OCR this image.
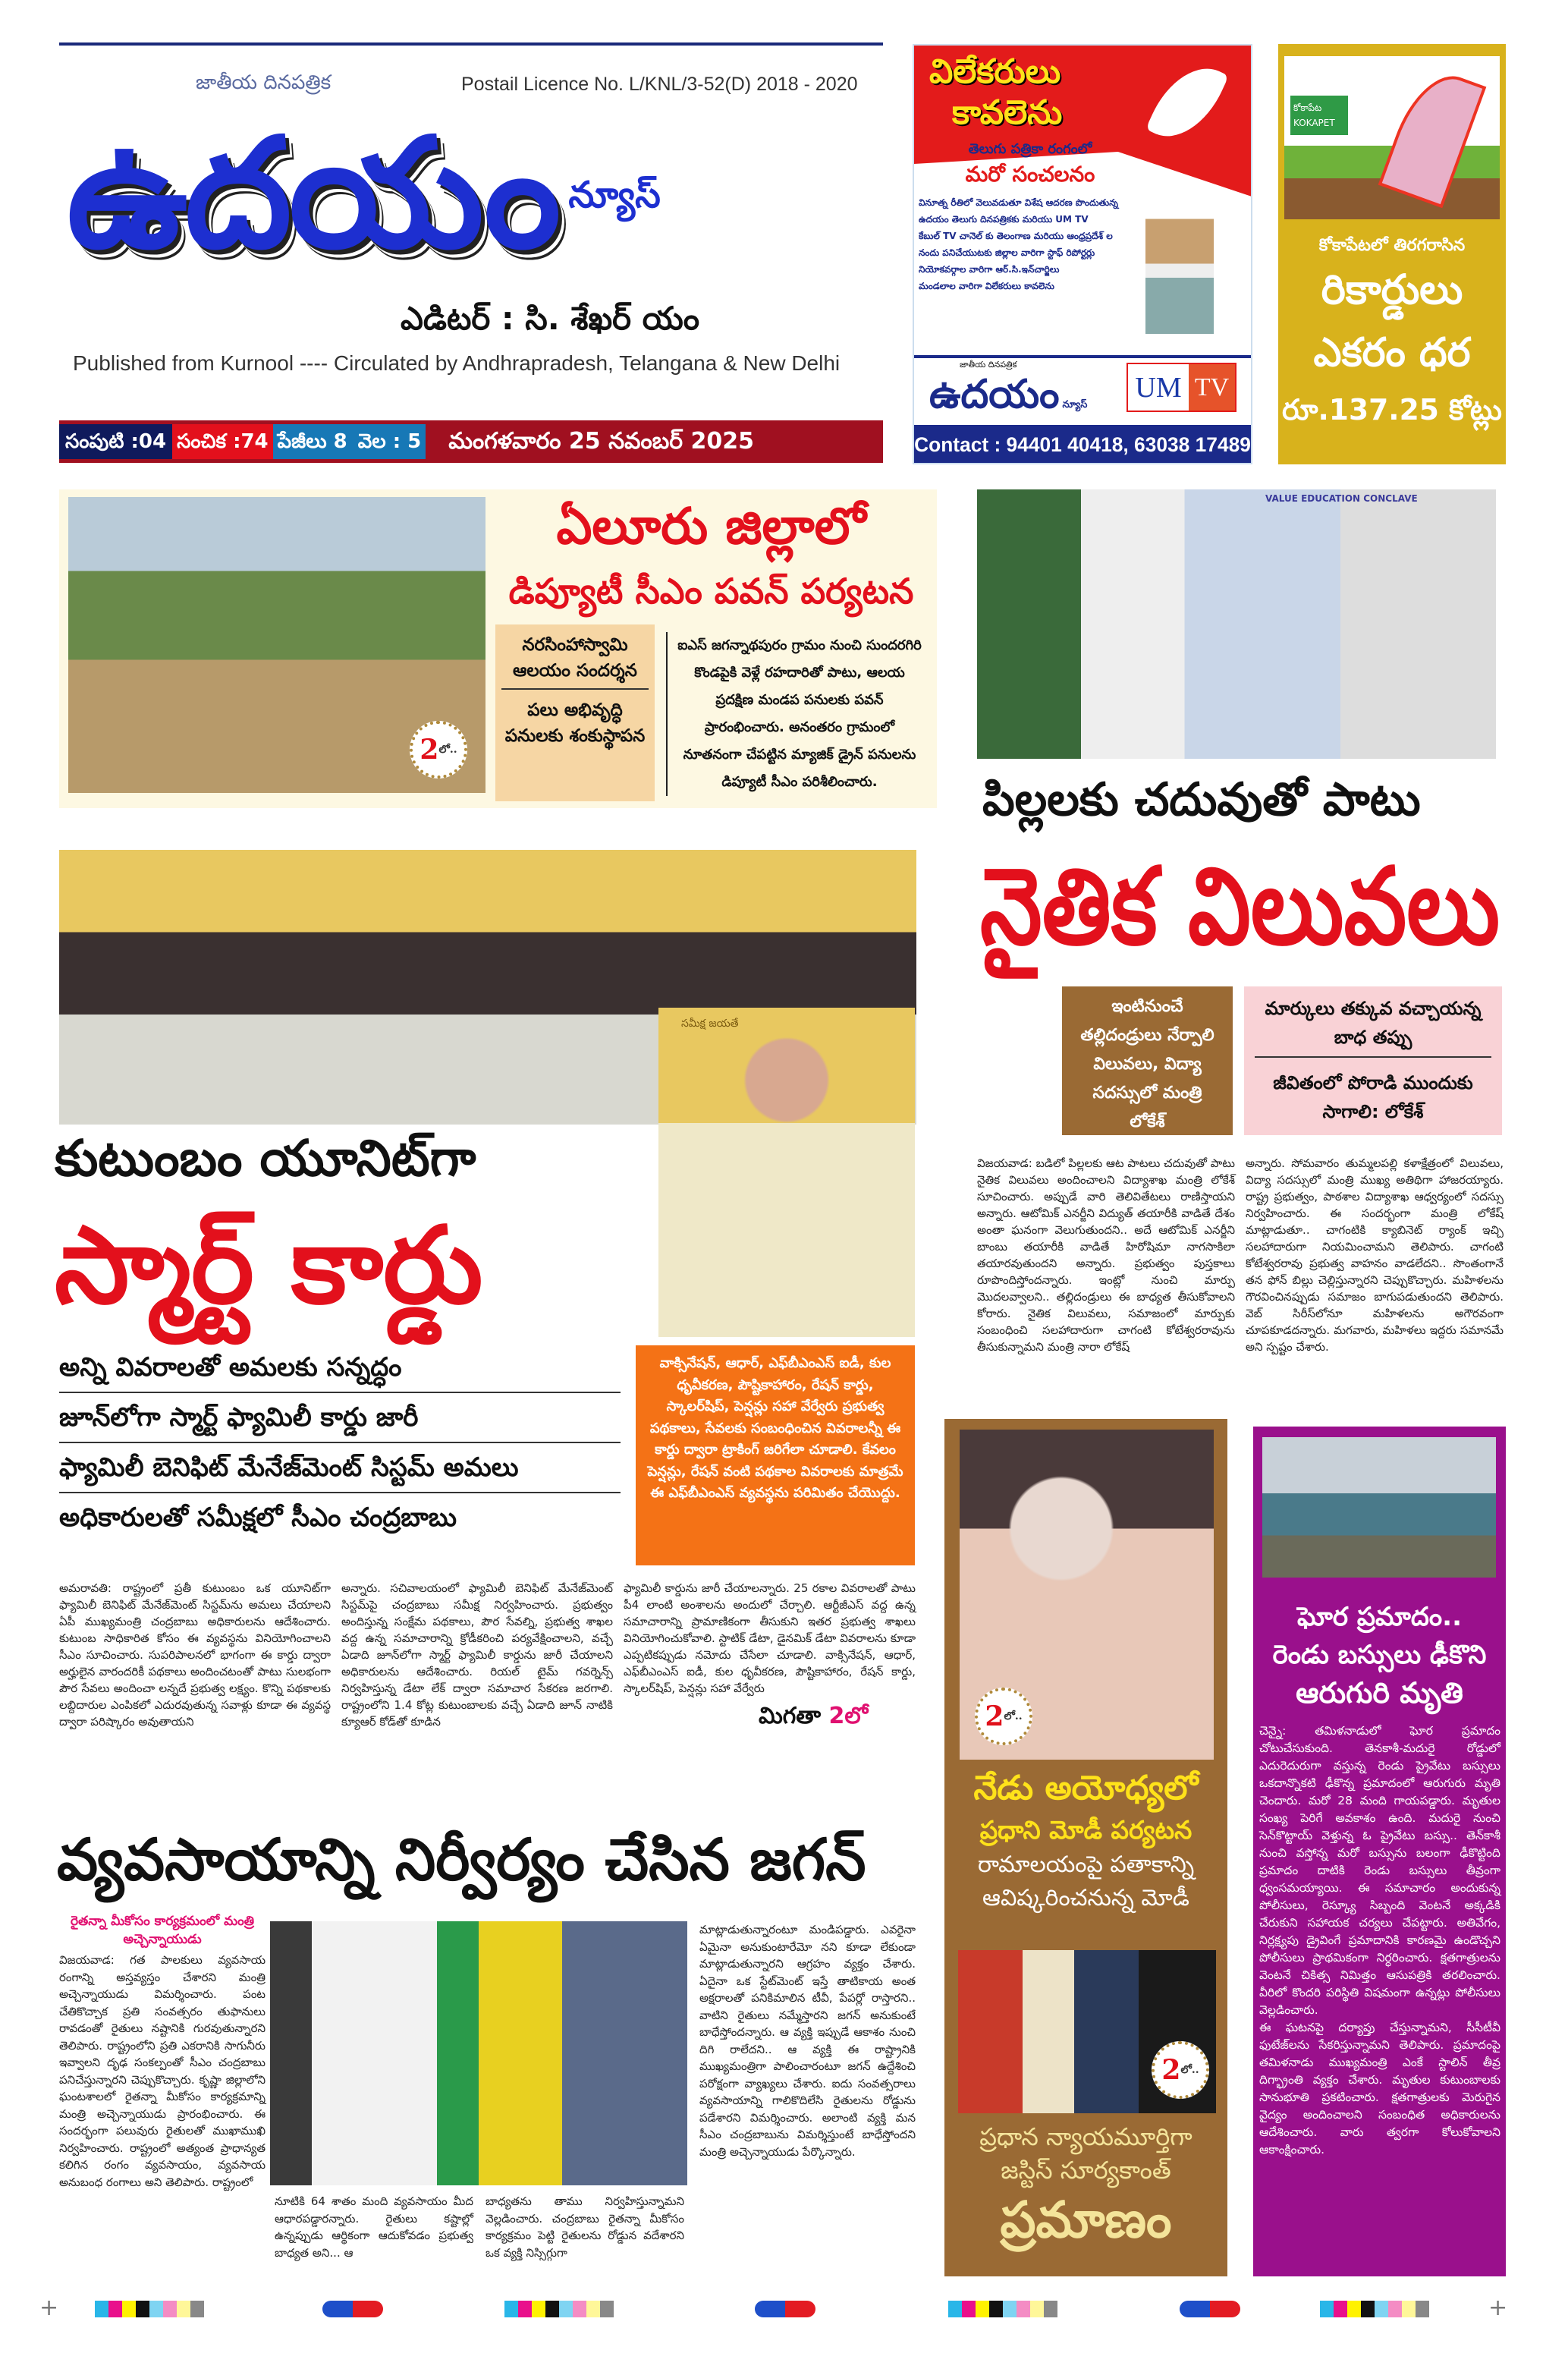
జాతీయ దినపత్రిక	Postail Licence No. L/KNL/3-52(D) 2018 - 2020
ఉదయం న్యూస్
ఎడిటర్ : సి. శేఖర్ యం
Published from Kurnool ---- Circulated by Andhrapradesh, Telangana & New Delhi
సంపుటి :04 సంచిక :74 పేజీలు 8 వెల : 5 మంగళవారం 25 నవంబర్ 2025
విలేకరులు
కావలెను
తెలుగు పత్రికా రంగంలో
మరో సంచలనం
వినూత్న రీతిలో వెలువడుతూ విశేష ఆదరణ పొందుతున్న
ఉదయం తెలుగు దినపత్రికకు మరియు UM TV
కేబుల్ TV చానెల్ కు తెలంగాణ మరియు ఆంధ్రప్రదేశ్ ల
నందు పనిచేయుటకు జిల్లాల వారిగా స్టాఫ్ రిపోర్టర్లు
నియోకవర్గాల వారిగా ఆర్.సి.ఇన్‌చార్జిలు
మండలాల వారిగా విలేకరులు కావలెను
జాతీయ దినపత్రిక
ఉదయం న్యూస్
UM TV
Contact : 94401 40418, 63038 17489
కోకాపేట
KOKAPET
కోకాపేటలో తిరగరాసిన
రికార్డులు
ఎకరం ధర
రూ.137.25 కోట్లు
2 లో..
ఏలూరు జిల్లాలో
డిప్యూటీ సీఎం పవన్ పర్యటన
నరసింహాస్వామి ఆలయం సందర్శన
పలు అభివృద్ధి పనులకు శంకుస్థాపన
ఐఎస్ జగన్నాథపురం గ్రామం నుంచి సుందరగిరి కొండపైకి వెళ్లే రహదారితో పాటు, ఆలయ ప్రదక్షిణ మండప పనులకు పవన్ ప్రారంభించారు. అనంతరం గ్రామంలో నూతనంగా చేపట్టిన మ్యాజిక్ డ్రైన్ పనులను డిప్యూటీ సీఎం పరిశీలించారు.
VALUE EDUCATION CONCLAVE
పిల్లలకు చదువుతో పాటు
నైతిక విలువలు
ఇంటినుంచే తల్లిదండ్రులు నేర్పాలి విలువలు, విద్యా సదస్సులో మంత్రి లోకేశ్
మార్కులు తక్కువ వచ్చాయన్న బాధ తప్పు
జీవితంలో పోరాడి ముందుకు సాగాలి: లోకేశ్
విజయవాడ: బడిలో పిల్లలకు ఆట పాటలు చదువుతో పాటు నైతిక విలువలు అందించాలని విద్యాశాఖ మంత్రి లోకేశ్ సూచించారు. అప్పుడే వారి తెలివితేటలు రాణిస్తాయని అన్నారు. ఆటోమిక్ ఎనర్జీని విద్యుత్ తయారీకి వాడితే దేశం అంతా ఘనంగా వెలుగుతుందని.. అదే ఆటోమిక్ ఎనర్జీని బాంబు తయారీకి వాడితే హిరోషిమా నాగసాకిలా తయారవుతుందని అన్నారు. ప్రభుత్వం పుస్తకాలు రూపొందిస్తోందన్నారు. ఇంట్లో నుంచి మార్పు మొదలవ్వాలని.. తల్లిదండ్రులు ఈ బాధ్యత తీసుకోవాలని కోరారు. నైతిక విలువలు, సమాజంలో మార్పుకు సంబంధించి సలహాదారుగా చాగంటి కోటేశ్వరరావును తీసుకున్నామని మంత్రి నారా లోకేష్
అన్నారు. సోమవారం తుమ్మలపల్లి కళాక్షేత్రంలో విలువలు, విద్యా సదస్సులో మంత్రి ముఖ్య అతిథిగా హాజరయ్యారు. రాష్ట్ర ప్రభుత్వం, పాఠశాల విద్యాశాఖ ఆధ్వర్యంలో సదస్సు నిర్వహించారు. ఈ సందర్భంగా మంత్రి లోకేష్ మాట్లాడుతూ.. చాగంటికి క్యాబినెట్ ర్యాంక్ ఇచ్చి సలహాదారుగా నియమించామని తెలిపారు. చాగంటి కోటేశ్వరరావు ప్రభుత్వ వాహనం వాడలేదని.. సొంతంగానే తన ఫోన్ బిల్లు చెల్లిస్తున్నారని చెప్పుకొచ్చారు. మహిళలను గౌరవించినప్పుడు సమాజం బాగుపడుతుందని తెలిపారు. వెబ్ సిరీస్‌లోనూ మహిళలను అగౌరవంగా చూపకూడదన్నారు. మగవారు, మహిళలు ఇద్దరు సమానమే అని స్పష్టం చేశారు.
సమీక్ష జయతే
కుటుంబం యూనిట్‌గా
స్మార్ట్ కార్డు
అన్ని వివరాలతో అమలకు సన్నద్ధం
జూన్‌లోగా స్మార్ట్ ఫ్యామిలీ కార్డు జారీ
ఫ్యామిలీ బెనిఫిట్ మేనేజ్‌మెంట్ సిస్టమ్ అమలు
అధికారులతో సమీక్షలో సీఎం చంద్రబాబు
వాక్సినేషన్, ఆధార్, ఎఫ్‌బీఎంఎస్ ఐడీ, కుల ధృవీకరణ, పౌష్టికాహారం, రేషన్ కార్డు, స్కాలర్‌షిప్, పెన్షన్లు సహా వేర్వేరు ప్రభుత్వ పథకాలు, సేవలకు సంబంధించిన వివరాలన్నీ ఈ కార్డు ద్వారా ట్రాకింగ్ జరిగేలా చూడాలి. కేవలం పెన్షన్లు, రేషన్ వంటి పథకాల వివరాలకు మాత్రమే ఈ ఎఫ్‌బీఎంఎస్ వ్యవస్థను పరిమితం చేయొద్దు.
అమరావతి: రాష్ట్రంలో ప్రతీ కుటుంబం ఒక యూనిట్‌గా ఫ్యామిలీ బెనిఫిట్ మేనేజ్‌మెంట్ సిస్టమ్‌ను అమలు చేయాలని ఏపీ ముఖ్యమంత్రి చంద్రబాబు అధికారులను ఆదేశించారు. కుటుంబ సాధికారిత కోసం ఈ వ్యవస్థను వినియోగించాలని సీఎం సూచించారు. సుపరిపాలనలో భాగంగా ఈ కార్డు ద్వారా అర్హులైన వారందరికీ పథకాలు అందించటంతో పాటు సులభంగా పౌర సేవలు అందించా లన్నదే ప్రభుత్వ లక్ష్యం. కొన్ని పథకాలకు లబ్దిదారుల ఎంపికలో ఎదురవుతున్న సవాళ్లు కూడా ఈ వ్యవస్థ ద్వారా పరిష్కారం అవుతాయని
అన్నారు. సచివాలయంలో ఫ్యామిలీ బెనిఫిట్ మేనేజ్‌మెంట్ సిస్టమ్‌పై చంద్రబాబు సమీక్ష నిర్వహించారు. ప్రభుత్వం అందిస్తున్న సంక్షేమ పథకాలు, పౌర సేవల్ని, ప్రభుత్వ శాఖల వద్ద ఉన్న సమాచారాన్ని క్రోడీకరించి పర్యవేక్షించాలని, వచ్చే ఏడాది జూన్‌లోగా స్మార్ట్ ఫ్యామిలీ కార్డును జారీ చేయాలని అధికారులను ఆదేశించారు. రియల్ టైమ్ గవర్నెన్స్ నిర్వహిస్తున్న డేటా లేక్ ద్వారా సమాచార సేకరణ జరగాలి. రాష్ట్రంలోని 1.4 కోట్ల కుటుంబాలకు వచ్చే ఏడాది జూన్ నాటికి క్యూఆర్ కోడ్‌తో కూడిన
ఫ్యామిలీ కార్డును జారీ చేయాలన్నారు. 25 రకాల వివరాలతో పాటు పీ4 లాంటి అంశాలను అందులో చేర్చాలి. ఆర్టీజీఎస్ వద్ద ఉన్న సమాచారాన్ని ప్రామాణికంగా తీసుకుని ఇతర ప్రభుత్వ శాఖలు వినియోగించుకోవాలి. స్టాటిక్ డేటా, డైనమిక్ డేటా వివరాలను కూడా ఎప్పటికప్పుడు నమోదు చేసేలా చూడాలి. వాక్సినేషన్, ఆధార్, ఎఫ్‌బీఎంఎస్ ఐడీ, కుల ధృవీకరణ, పౌష్టికాహారం, రేషన్ కార్డు, స్కాలర్‌షిప్, పెన్షన్లు సహా వేర్వేరు
మిగతా 2లో	2 లో..
నేడు అయోధ్యలో
ప్రధాని మోడీ పర్యటన
రామాలయంపై పతాకాన్ని ఆవిష్కరించనున్న మోడీ
2 లో..
ప్రధాన న్యాయమూర్తిగా
జస్టిస్ సూర్యకాంత్
ప్రమాణం
ఘోర ప్రమాదం..
రెండు బస్సులు ఢీకొని
ఆరుగురి మృతి

చెన్నై: తమిళనాడులో ఘోర ప్రమాదం చోటుచేసుకుంది. తెనకాశీ-మదురై రోడ్డులో ఎదురెదురుగా వస్తున్న రెండు ప్రైవేటు బస్సులు ఒకదాన్నొకటి ఢీకొన్న ప్రమాదంలో ఆరుగురు మృతి చెందారు. మరో 28 మంది గాయపడ్డారు. మృతుల సంఖ్య పెరిగే అవకాశం ఉంది. మదురై నుంచి సెన్‌కొట్టాయ్ వెళ్తున్న ఓ ప్రైవేటు బస్సు.. తెన్‌కాశీ నుంచి వస్తోన్న మరో బస్సును బలంగా ఢీకొట్టింది ప్రమాదం దాటికి రెండు బస్సులు తీవ్రంగా ధ్వంసమయ్యాయి. ఈ సమాచారం అందుకున్న పోలీసులు, రెస్క్యూ సిబ్బంది వెంటనే అక్కడికి చేరుకుని సహాయక చర్యలు చేపట్టారు. అతివేగం, నిర్లక్ష్యపు డ్రైవింగే ప్రమాదానికి కారణమై ఉండొచ్చని పోలీసులు ప్రాథమికంగా నిర్ధరించారు. క్షతగాత్రులను వెంటనే చికిత్స నిమిత్తం ఆసుపత్రికి తరలించారు. వీరిలో కొందరి పరిస్థితి విషమంగా ఉన్నట్లు పోలీసులు వెల్లడించారు.

ఈ ఘటనపై దర్యాప్తు చేస్తున్నామని, సీసీటీవీ ఫుటేజ్‌లను సేకరిస్తున్నామని తెలిపారు. ప్రమాదంపై తమిళనాడు ముఖ్యమంత్రి ఎంకే స్టాలిన్ తీవ్ర దిగ్భ్రాంతి వ్యక్తం చేశారు. మృతుల కుటుంబాలకు సానుభూతి ప్రకటించారు. క్షతగాత్రులకు మెరుగైన వైద్యం అందించాలని సంబంధిత అధికారులను ఆదేశించారు. వారు త్వరగా కోలుకోవాలని ఆకాంక్షించారు.

వ్యవసాయాన్ని నిర్వీర్యం చేసిన జగన్
రైతన్నా మీకోసం కార్యక్రమంలో మంత్రి అచ్చెన్నాయుడు
విజయవాడ: గత పాలకులు వ్యవసాయ రంగాన్ని అస్తవ్యస్తం చేశారని మంత్రి అచ్చెన్నాయుడు విమర్శించారు. పంట చేతికొచ్చాక ప్రతి సంవత్సరం తుఫానులు రావడంతో రైతులు నష్టానికి గురవుతున్నారని తెలిపారు. రాష్ట్రంలోని ప్రతి ఎకరానికి సాగునీరు ఇవ్వాలని దృఢ సంకల్పంతో సీఎం చంద్రబాబు పనిచేస్తున్నారని చెప్పుకొచ్చారు. కృష్ణా జిల్లాలోని ఘంటశాలలో రైతన్నా మీకోసం కార్యక్రమాన్ని మంత్రి అచ్చెన్నాయుడు ప్రారంభించారు. ఈ సందర్భంగా పలువురు రైతులతో ముఖాముఖి నిర్వహించారు. రాష్ట్రంలో అత్యంత ప్రాధాన్యత కలిగిన రంగం వ్యవసాయం, వ్యవసాయ అనుబంధ రంగాలు అని తెలిపారు. రాష్ట్రంలో
నూటికి 64 శాతం మంది వ్యవసాయం మీద ఆధారపడ్డారన్నారు. రైతులు కష్టాల్లో ఉన్నప్పుడు ఆర్థికంగా ఆదుకోవడం ప్రభుత్వ బాధ్యత అని... ఆ
బాధ్యతను తాము నిర్వహిస్తున్నామని వెల్లడించారు. చంద్రబాబు రైతన్నా మీకోసం కార్యక్రమం పెట్టి రైతులను రోడ్డున వదేశారని ఒక వ్యక్తి నిస్సిగ్గుగా
మాట్లాడుతున్నారంటూ మండిపడ్డారు. ఎవరైనా ఏమైనా అనుకుంటారేమో నని కూడా లేకుండా మాట్లాడుతున్నారని ఆగ్రహం వ్యక్తం చేశారు. ఏదైనా ఒక స్టేట్‌మెంట్ ఇస్తే తాటికాయ అంత అక్షరాలతో పనికిమాలిన టీవీ, పేపర్లో రాస్తారని.. వాటిని రైతులు నమ్మేస్తారని జగన్ అనుకుంటే బాధేస్తోందన్నారు. ఆ వ్యక్తి ఇప్పుడే ఆకాశం నుంచి దిగి రాలేదని.. ఆ వ్యక్తి ఈ రాష్ట్రానికి ముఖ్యమంత్రిగా పాలించారంటూ జగన్ ఉద్దేశించి పరోక్షంగా వ్యాఖ్యలు చేశారు. ఐదు సంవత్సరాలు వ్యవసాయాన్ని గాలికొదిలేసి రైతులను రోడ్డును పడేశారని విమర్శించారు. అలాంటి వ్యక్తి మన సీఎం చంద్రబాబును విమర్శిస్తుంటే బాధేస్తోందని మంత్రి అచ్చెన్నాయుడు పేర్కొన్నారు.
+	+
